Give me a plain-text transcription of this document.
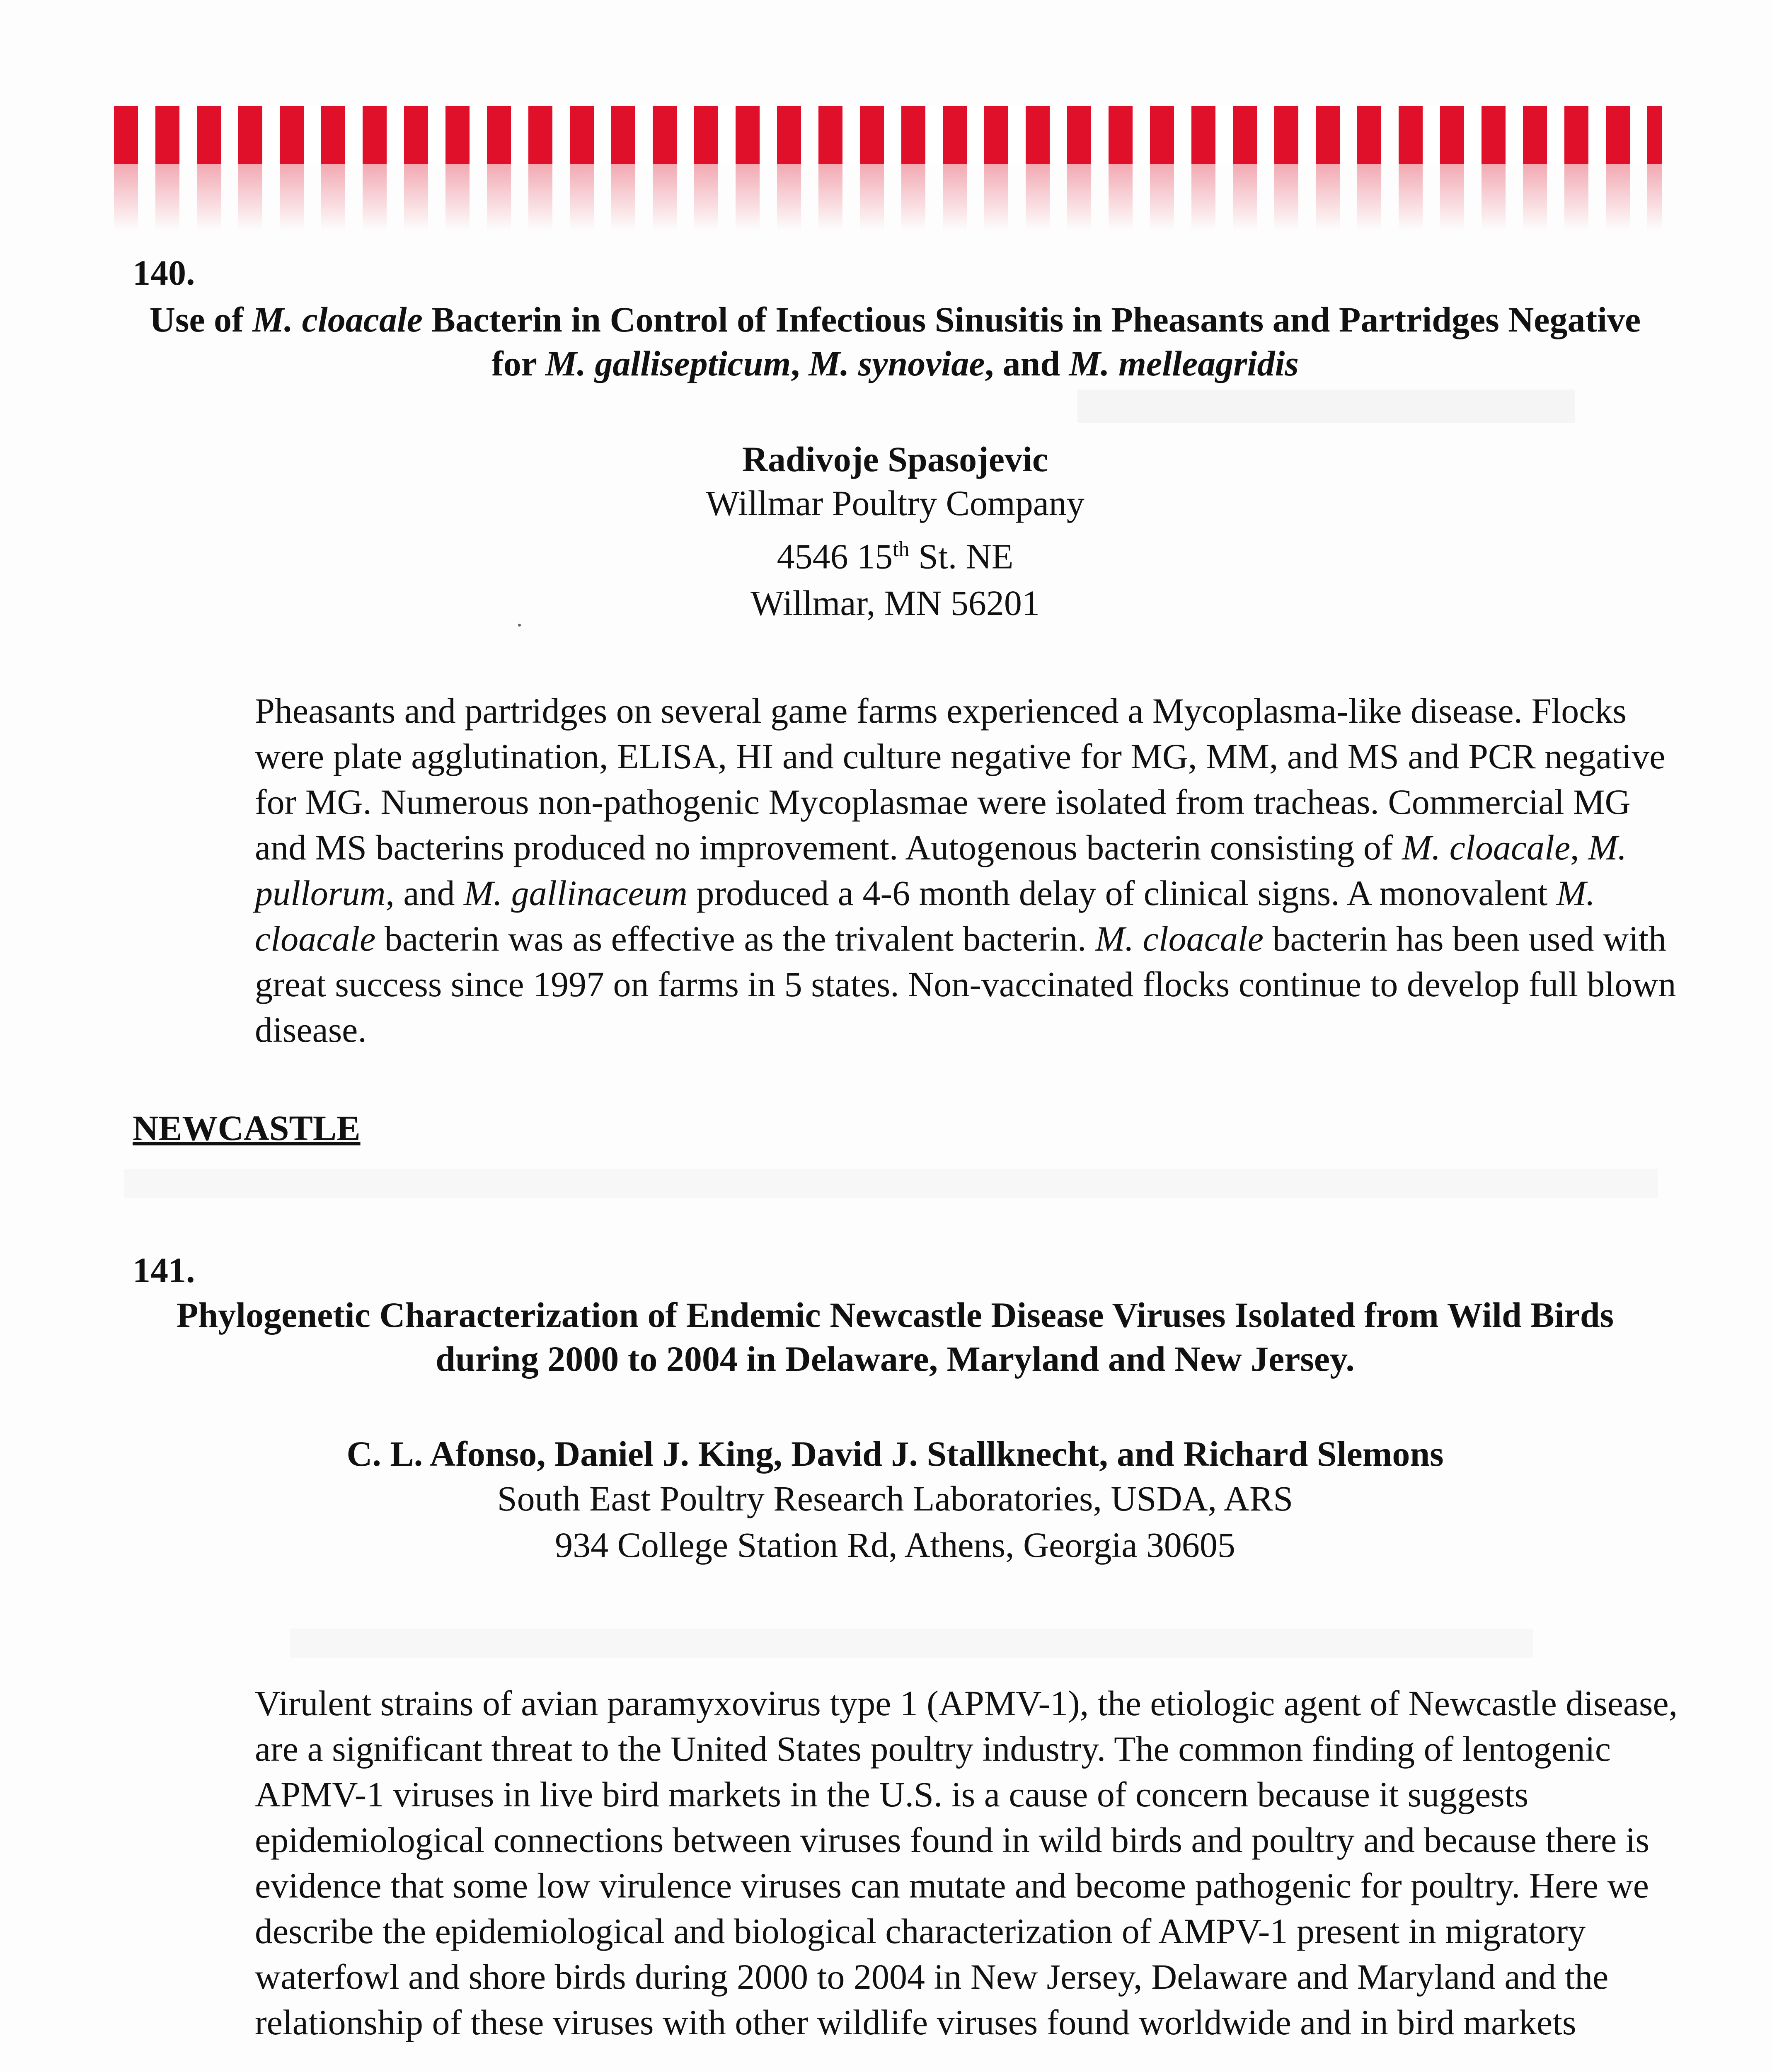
140.
Use of M. cloacale Bacterin in Control of Infectious Sinusitis in Pheasants and Partridges Negative for M. gallisepticum, M. synoviae, and M. melleagridis
Radivoje Spasojevic
Willmar Poultry Company
4546 15th St. NE
Willmar, MN 56201
Pheasants and partridges on several game farms experienced a Mycoplasma-like disease. Flocks were plate agglutination, ELISA, HI and culture negative for MG, MM, and MS and PCR negative for MG. Numerous non-pathogenic Mycoplasmae were isolated from tracheas. Commercial MG and MS bacterins produced no improvement. Autogenous bacterin consisting of M. cloacale, M. pullorum, and M. gallinaceum produced a 4-6 month delay of clinical signs. A monovalent M. cloacale bacterin was as effective as the trivalent bacterin. M. cloacale bacterin has been used with great success since 1997 on farms in 5 states. Non-vaccinated flocks continue to develop full blown disease.
NEWCASTLE
141.
Phylogenetic Characterization of Endemic Newcastle Disease Viruses Isolated from Wild Birds during 2000 to 2004 in Delaware, Maryland and New Jersey.
C. L. Afonso, Daniel J. King, David J. Stallknecht, and Richard Slemons
South East Poultry Research Laboratories, USDA, ARS
934 College Station Rd, Athens, Georgia 30605
Virulent strains of avian paramyxovirus type 1 (APMV-1), the etiologic agent of Newcastle disease, are a significant threat to the United States poultry industry. The common finding of lentogenic APMV-1 viruses in live bird markets in the U.S. is a cause of concern because it suggests epidemiological connections between viruses found in wild birds and poultry and because there is evidence that some low virulence viruses can mutate and become pathogenic for poultry. Here we describe the epidemiological and biological characterization of AMPV-1 present in migratory waterfowl and shore birds during 2000 to 2004 in New Jersey, Delaware and Maryland and the relationship of these viruses with other wildlife viruses found worldwide and in bird markets
